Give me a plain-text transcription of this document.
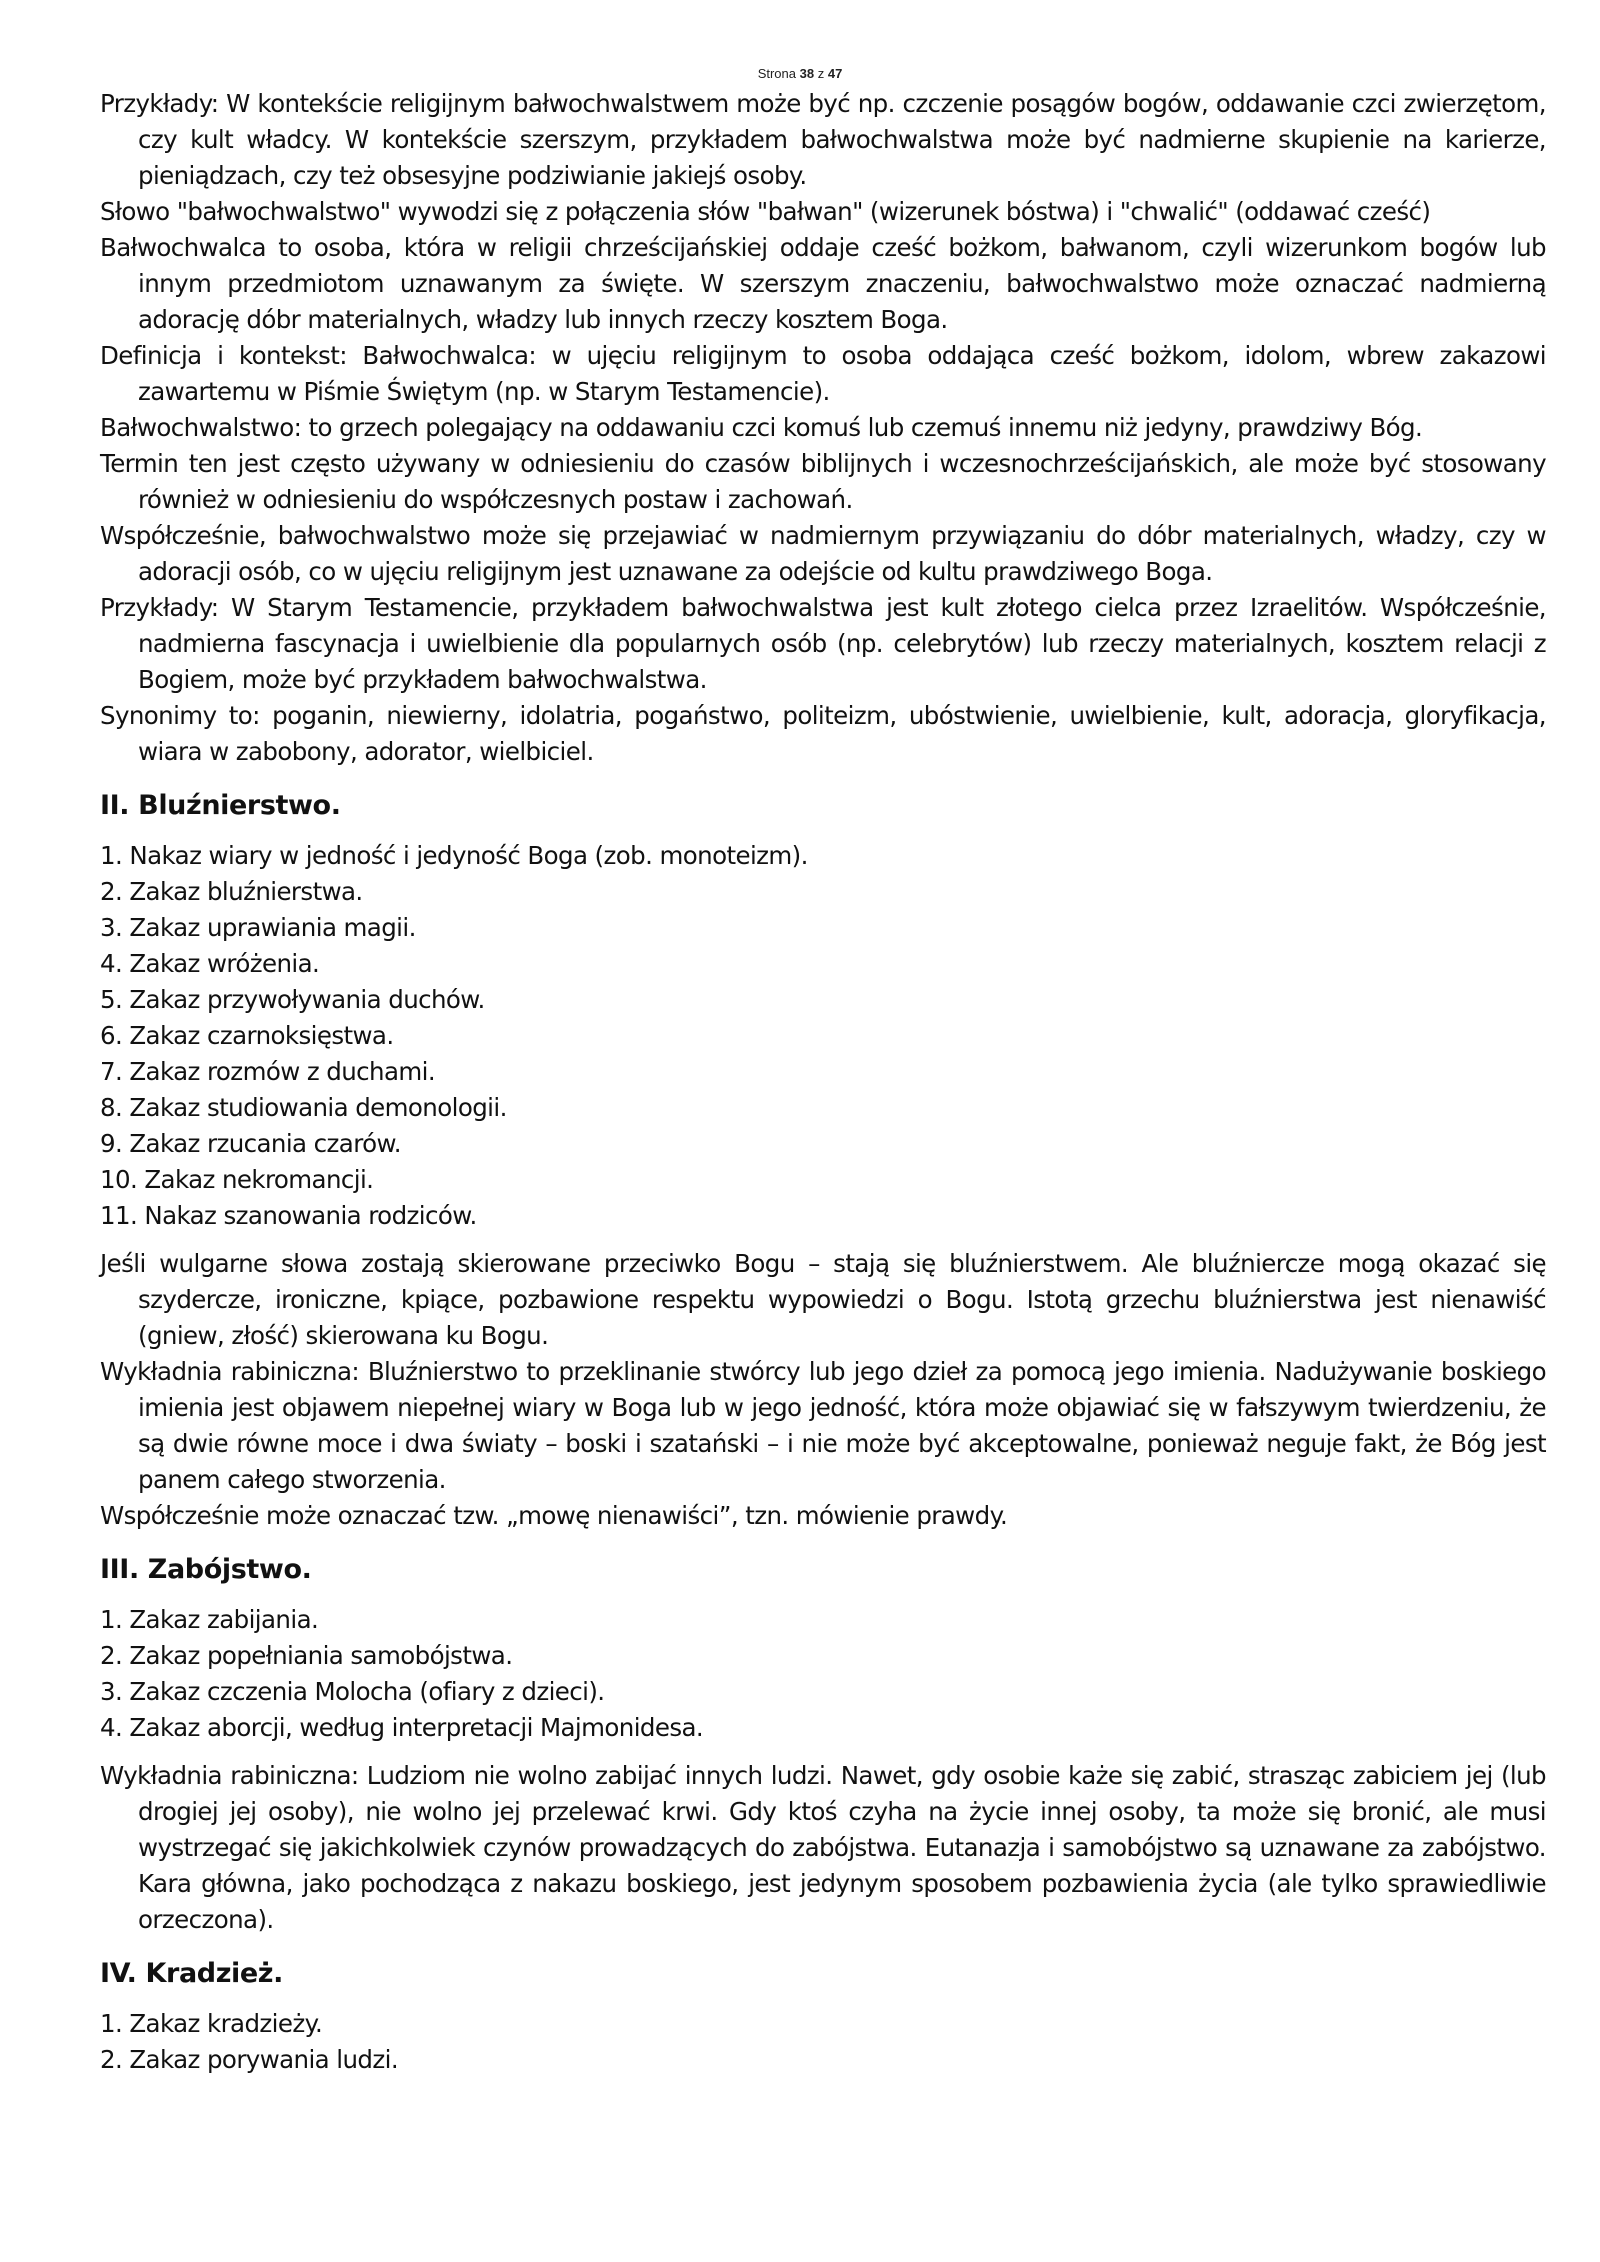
Strona 38 z 47

Przykłady: W kontekście religijnym bałwochwalstwem może być np. czczenie posągów bogów, oddawanie czci zwierzętom, czy kult władcy. W kontekście szerszym, przykładem bałwochwalstwa może być nadmierne skupienie na karierze, pieniądzach, czy też obsesyjne podziwianie jakiejś osoby.

Słowo "bałwochwalstwo" wywodzi się z połączenia słów "bałwan" (wizerunek bóstwa) i "chwalić" (oddawać cześć)

Bałwochwalca to osoba, która w religii chrześcijańskiej oddaje cześć bożkom, bałwanom, czyli wizerunkom bogów lub innym przedmiotom uznawanym za święte. W szerszym znaczeniu, bałwochwalstwo może oznaczać nadmierną adorację dóbr materialnych, władzy lub innych rzeczy kosztem Boga.

Definicja i kontekst: Bałwochwalca: w ujęciu religijnym to osoba oddająca cześć bożkom, idolom, wbrew zakazowi zawartemu w Piśmie Świętym (np. w Starym Testamencie).

Bałwochwalstwo: to grzech polegający na oddawaniu czci komuś lub czemuś innemu niż jedyny, prawdziwy Bóg.

Termin ten jest często używany w odniesieniu do czasów biblijnych i wczesnochrześcijańskich, ale może być stosowany również w odniesieniu do współczesnych postaw i zachowań.

Współcześnie, bałwochwalstwo może się przejawiać w nadmiernym przywiązaniu do dóbr materialnych, władzy, czy w adoracji osób, co w ujęciu religijnym jest uznawane za odejście od kultu prawdziwego Boga.

Przykłady: W Starym Testamencie, przykładem bałwochwalstwa jest kult złotego cielca przez Izraelitów. Współcześnie, nadmierna fascynacja i uwielbienie dla popularnych osób (np. celebrytów) lub rzeczy materialnych, kosztem relacji z Bogiem, może być przykładem bałwochwalstwa.

Synonimy to: poganin, niewierny, idolatria, pogaństwo, politeizm, ubóstwienie, uwielbienie, kult, adoracja, gloryfikacja, wiara w zabobony, adorator, wielbiciel.

II. Bluźnierstwo.
1. Nakaz wiary w jedność i jedyność Boga (zob. monoteizm).
2. Zakaz bluźnierstwa.
3. Zakaz uprawiania magii.
4. Zakaz wróżenia.
5. Zakaz przywoływania duchów.
6. Zakaz czarnoksięstwa.
7. Zakaz rozmów z duchami.
8. Zakaz studiowania demonologii.
9. Zakaz rzucania czarów.
10. Zakaz nekromancji.
11. Nakaz szanowania rodziców.

Jeśli wulgarne słowa zostają skierowane przeciwko Bogu – stają się bluźnierstwem. Ale bluźniercze mogą okazać się szydercze, ironiczne, kpiące, pozbawione respektu wypowiedzi o Bogu. Istotą grzechu bluźnierstwa jest nienawiść (gniew, złość) skierowana ku Bogu.

Wykładnia rabiniczna: Bluźnierstwo to przeklinanie stwórcy lub jego dzieł za pomocą jego imienia. Nadużywanie boskiego imienia jest objawem niepełnej wiary w Boga lub w jego jedność, która może objawiać się w fałszywym twierdzeniu, że są dwie równe moce i dwa światy – boski i szatański – i nie może być akceptowalne, ponieważ neguje fakt, że Bóg jest panem całego stworzenia.

Współcześnie może oznaczać tzw. „mowę nienawiści”, tzn. mówienie prawdy.

III. Zabójstwo.
1. Zakaz zabijania.
2. Zakaz popełniania samobójstwa.
3. Zakaz czczenia Molocha (ofiary z dzieci).
4. Zakaz aborcji, według interpretacji Majmonidesa.

Wykładnia rabiniczna: Ludziom nie wolno zabijać innych ludzi. Nawet, gdy osobie każe się zabić, strasząc zabiciem jej (lub drogiej jej osoby), nie wolno jej przelewać krwi. Gdy ktoś czyha na życie innej osoby, ta może się bronić, ale musi wystrzegać się jakichkolwiek czynów prowadzących do zabójstwa. Eutanazja i samobójstwo są uznawane za zabójstwo. Kara główna, jako pochodząca z nakazu boskiego, jest jedynym sposobem pozbawienia życia (ale tylko sprawiedliwie orzeczona).

IV. Kradzież.
1. Zakaz kradzieży.
2. Zakaz porywania ludzi.
